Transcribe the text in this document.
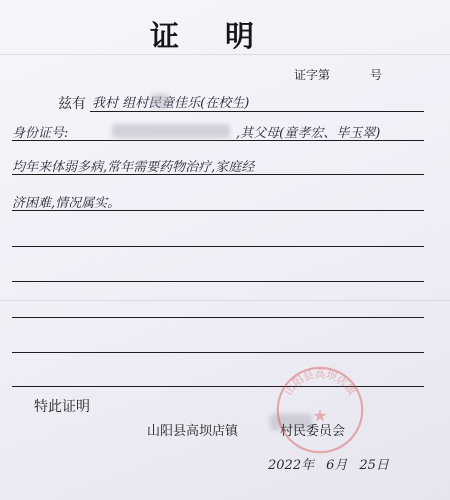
证明
证字第	号
兹有 我村 组村民童佳乐(在校生)
身份证号:	,其父母(童孝宏、毕玉翠)
均年来体弱多病,常年需要药物治疗,家庭经
济困难,情况属实。
特此证明
山阳县高坝店镇	村民委员会
2022年 6月 25日
山阳县高坝店镇
★
